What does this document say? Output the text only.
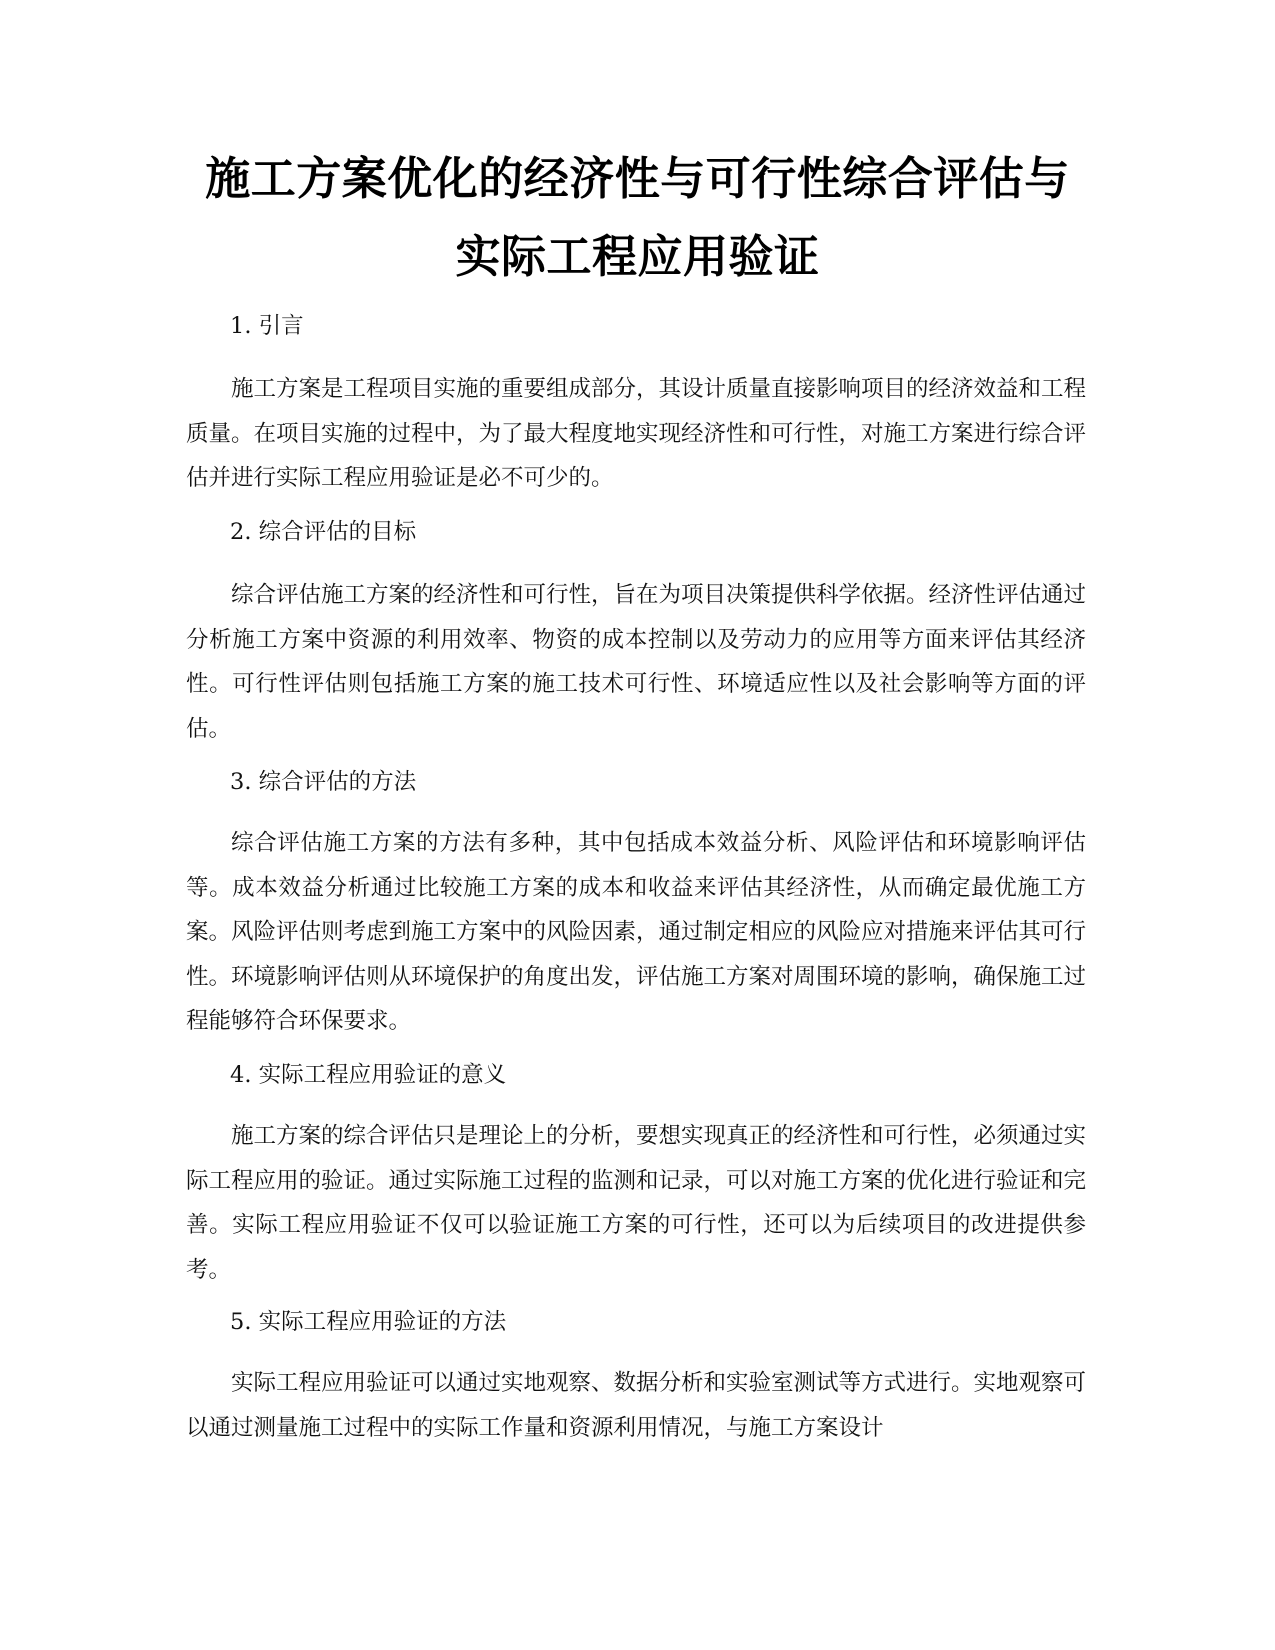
施工方案优化的经济性与可行性综合评估与
实际工程应用验证
1. 引言

施工方案是工程项目实施的重要组成部分，其设计质量直接影响项目的经济效益和工程质量。在项目实施的过程中，为了最大程度地实现经济性和可行性，对施工方案进行综合评估并进行实际工程应用验证是必不可少的。

2. 综合评估的目标

综合评估施工方案的经济性和可行性，旨在为项目决策提供科学依据。经济性评估通过分析施工方案中资源的利用效率、物资的成本控制以及劳动力的应用等方面来评估其经济性。可行性评估则包括施工方案的施工技术可行性、环境适应性以及社会影响等方面的评估。

3. 综合评估的方法

综合评估施工方案的方法有多种，其中包括成本效益分析、风险评估和环境影响评估等。成本效益分析通过比较施工方案的成本和收益来评估其经济性，从而确定最优施工方案。风险评估则考虑到施工方案中的风险因素，通过制定相应的风险应对措施来评估其可行性。环境影响评估则从环境保护的角度出发，评估施工方案对周围环境的影响，确保施工过程能够符合环保要求。

4. 实际工程应用验证的意义

施工方案的综合评估只是理论上的分析，要想实现真正的经济性和可行性，必须通过实际工程应用的验证。通过实际施工过程的监测和记录，可以对施工方案的优化进行验证和完善。实际工程应用验证不仅可以验证施工方案的可行性，还可以为后续项目的改进提供参考。

5. 实际工程应用验证的方法

实际工程应用验证可以通过实地观察、数据分析和实验室测试等方式进行。实地观察可以通过测量施工过程中的实际工作量和资源利用情况，与施工方案设计
